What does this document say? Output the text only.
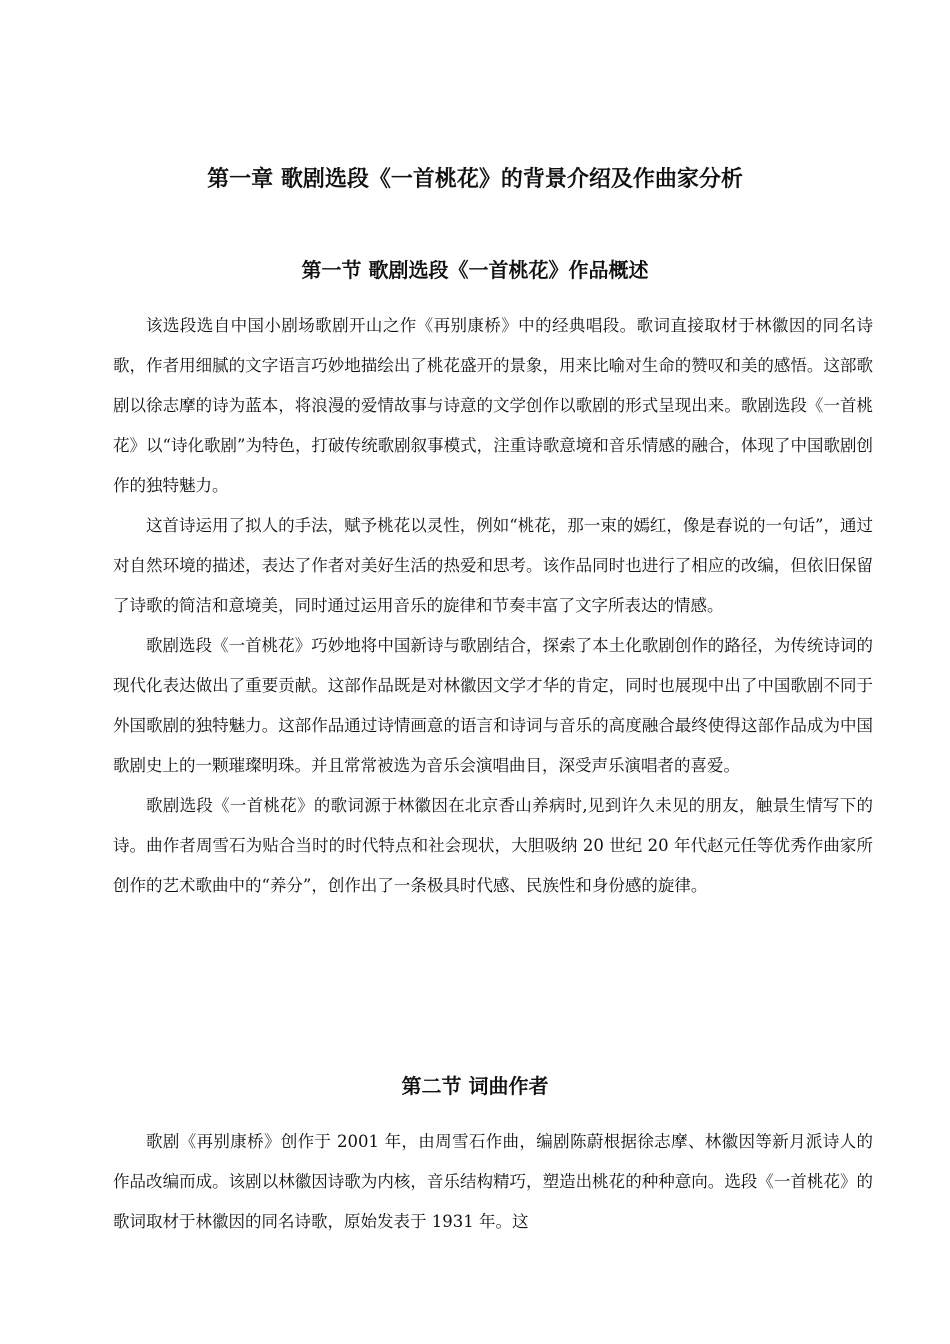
第一章 歌剧选段《一首桃花》的背景介绍及作曲家分析
第一节 歌剧选段《一首桃花》作品概述

该选段选自中国小剧场歌剧开山之作《再别康桥》中的经典唱段。歌词直接取材于林徽因的同名诗歌，作者用细腻的文字语言巧妙地描绘出了桃花盛开的景象，用来比喻对生命的赞叹和美的感悟。这部歌剧以徐志摩的诗为蓝本，将浪漫的爱情故事与诗意的文学创作以歌剧的形式呈现出来。歌剧选段《一首桃花》以“诗化歌剧”为特色，打破传统歌剧叙事模式，注重诗歌意境和音乐情感的融合，体现了中国歌剧创作的独特魅力。

这首诗运用了拟人的手法，赋予桃花以灵性，例如“桃花，那一束的嫣红，像是春说的一句话”，通过对自然环境的描述，表达了作者对美好生活的热爱和思考。该作品同时也进行了相应的改编，但依旧保留了诗歌的简洁和意境美，同时通过运用音乐的旋律和节奏丰富了文字所表达的情感。

歌剧选段《一首桃花》巧妙地将中国新诗与歌剧结合，探索了本土化歌剧创作的路径，为传统诗词的现代化表达做出了重要贡献。这部作品既是对林徽因文学才华的肯定，同时也展现中出了中国歌剧不同于外国歌剧的独特魅力。这部作品通过诗情画意的语言和诗词与音乐的高度融合最终使得这部作品成为中国歌剧史上的一颗璀璨明珠。并且常常被选为音乐会演唱曲目，深受声乐演唱者的喜爱。

歌剧选段《一首桃花》的歌词源于林徽因在北京香山养病时,见到许久未见的朋友，触景生情写下的诗。曲作者周雪石为贴合当时的时代特点和社会现状，大胆吸纳 20 世纪 20 年代赵元任等优秀作曲家所创作的艺术歌曲中的“养分”，创作出了一条极具时代感、民族性和身份感的旋律。

第二节 词曲作者

歌剧《再别康桥》创作于 2001 年，由周雪石作曲，编剧陈蔚根据徐志摩、林徽因等新月派诗人的作品改编而成。该剧以林徽因诗歌为内核，音乐结构精巧，塑造出桃花的种种意向。选段《一首桃花》的歌词取材于林徽因的同名诗歌，原始发表于 1931 年。这
